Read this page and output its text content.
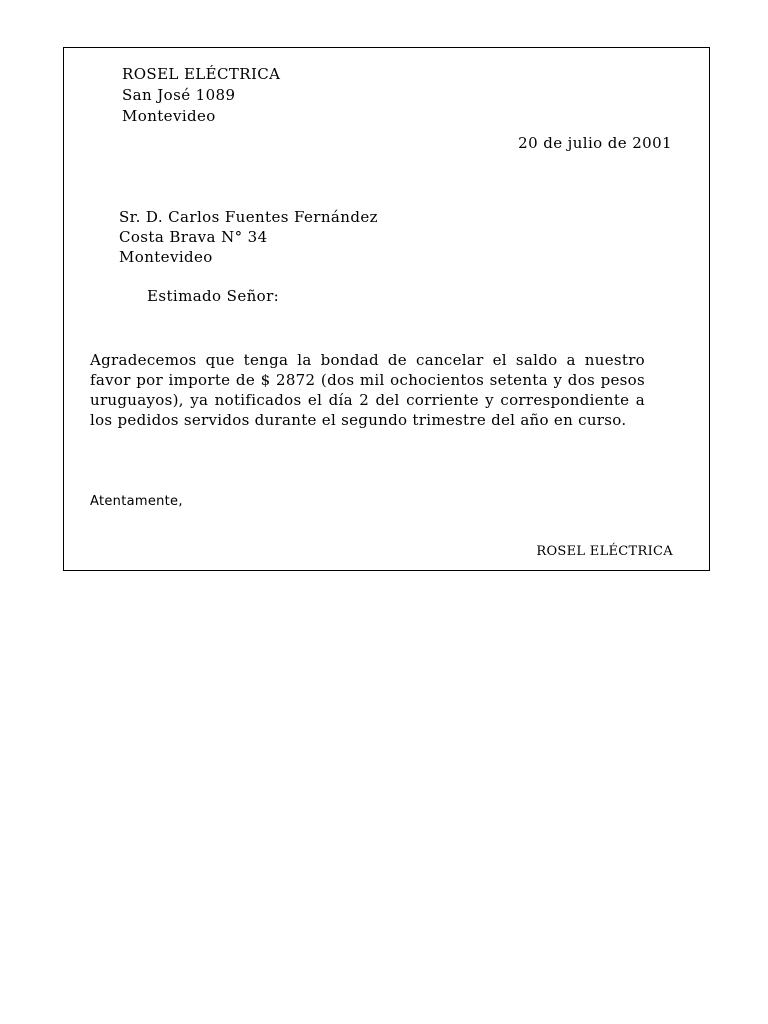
ROSEL ELÉCTRICA
San José 1089
Montevideo
20 de julio de 2001
Sr. D. Carlos Fuentes Fernández
Costa Brava N° 34
Montevideo
Estimado Señor:

Agradecemos que tenga la bondad de cancelar el saldo a nuestro favor por importe de $ 2872 (dos mil ochocientos setenta y dos pesos uruguayos), ya notificados el día 2 del corriente y correspondiente a los pedidos servidos durante el segundo trimestre del año en curso.

Atentamente,
ROSEL ELÉCTRICA
